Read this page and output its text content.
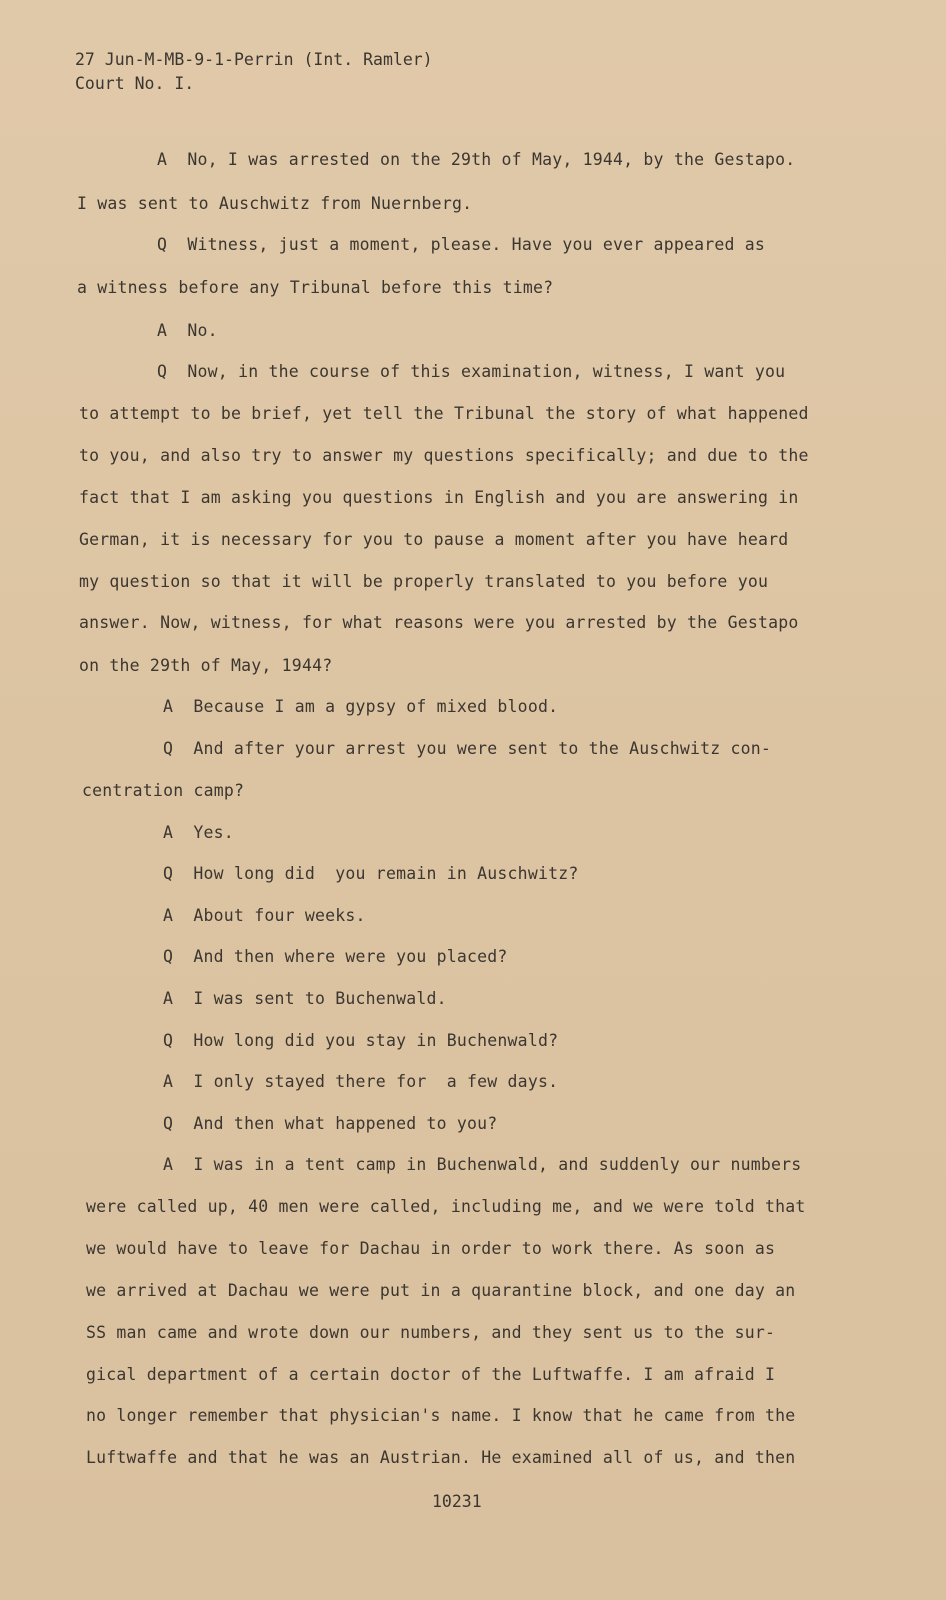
27 Jun-M-MB-9-1-Perrin (Int. Ramler)
Court No. I.
A  No, I was arrested on the 29th of May, 1944, by the Gestapo.
I was sent to Auschwitz from Nuernberg.
Q  Witness, just a moment, please. Have you ever appeared as
a witness before any Tribunal before this time?
A  No.
Q  Now, in the course of this examination, witness, I want you
to attempt to be brief, yet tell the Tribunal the story of what happened
to you, and also try to answer my questions specifically; and due to the
fact that I am asking you questions in English and you are answering in
German, it is necessary for you to pause a moment after you have heard
my question so that it will be properly translated to you before you
answer. Now, witness, for what reasons were you arrested by the Gestapo
on the 29th of May, 1944?
A  Because I am a gypsy of mixed blood.
Q  And after your arrest you were sent to the Auschwitz con-
centration camp?
A  Yes.
Q  How long did  you remain in Auschwitz?
A  About four weeks.
Q  And then where were you placed?
A  I was sent to Buchenwald.
Q  How long did you stay in Buchenwald?
A  I only stayed there for  a few days.
Q  And then what happened to you?
A  I was in a tent camp in Buchenwald, and suddenly our numbers
were called up, 40 men were called, including me, and we were told that
we would have to leave for Dachau in order to work there. As soon as
we arrived at Dachau we were put in a quarantine block, and one day an
SS man came and wrote down our numbers, and they sent us to the sur-
gical department of a certain doctor of the Luftwaffe. I am afraid I
no longer remember that physician's name. I know that he came from the
Luftwaffe and that he was an Austrian. He examined all of us, and then
10231
